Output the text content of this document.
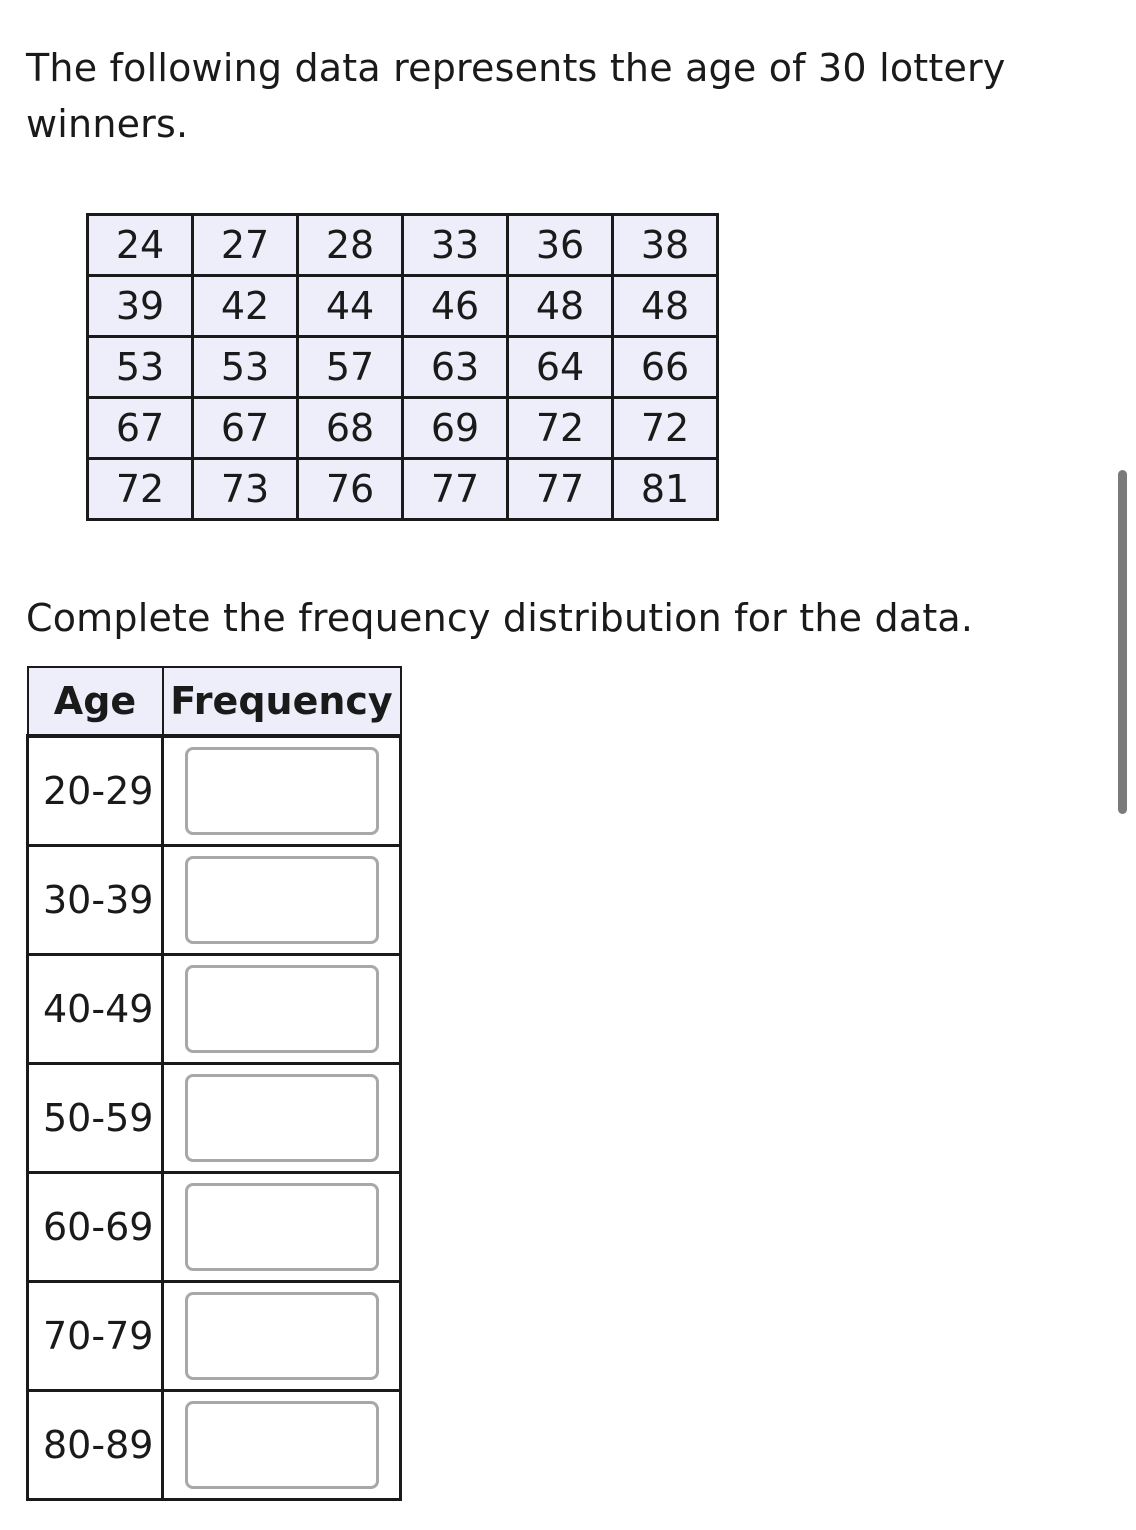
The following data represents the age of 30 lottery winners.

24	27	28	33	36	38
39	42	44	46	48	48
53	53	57	63	64	66
67	67	68	69	72	72
72	73	76	77	77	81

Complete the frequency distribution for the data.

Age	Frequency
20-29	

30-39	

40-49	

50-59	

60-69	

70-79	

80-89	
